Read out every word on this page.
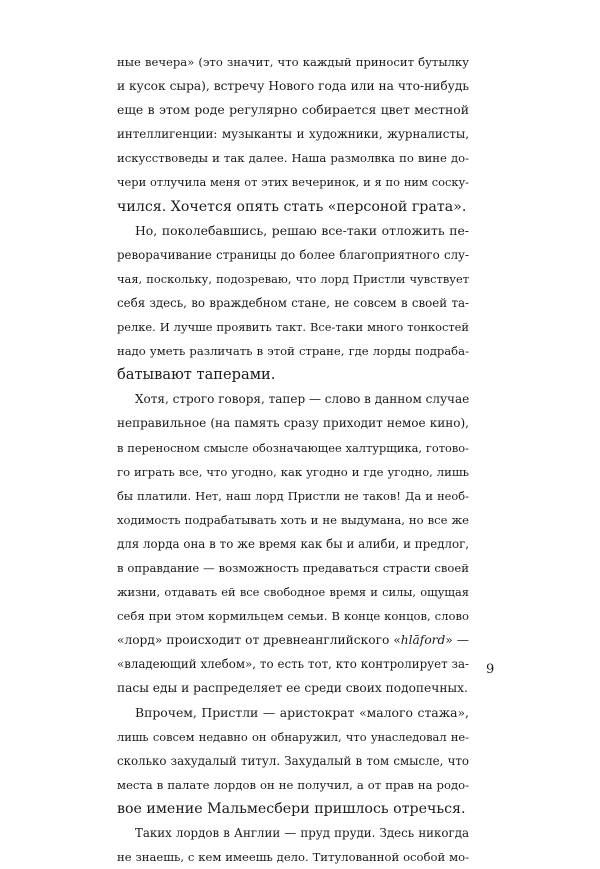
ные вечера» (это значит, что каждый приносит бутылку
и кусок сыра), встречу Нового года или на что-нибудь
еще в этом роде регулярно собирается цвет местной
интеллигенции: музыканты и художники, журналисты,
искусствоведы и так далее. Наша размолвка по вине до-
чери отлучила меня от этих вечеринок, и я по ним соску-
чился. Хочется опять стать «персоной грата».
Но, поколебавшись, решаю все-таки отложить пе-
реворачивание страницы до более благоприятного слу-
чая, поскольку, подозреваю, что лорд Пристли чувствует
себя здесь, во враждебном стане, не совсем в своей та-
релке. И лучше проявить такт. Все-таки много тонкостей
надо уметь различать в этой стране, где лорды подраба-
батывают таперами.
Хотя, строго говоря, тапер — слово в данном случае
неправильное (на память сразу приходит немое кино),
в переносном смысле обозначающее халтурщика, готово-
го играть все, что угодно, как угодно и где угодно, лишь
бы платили. Нет, наш лорд Пристли не таков! Да и необ-
ходимость подрабатывать хоть и не выдумана, но все же
для лорда она в то же время как бы и алиби, и предлог,
в оправдание — возможность предаваться страсти своей
жизни, отдавать ей все свободное время и силы, ощущая
себя при этом кормильцем семьи. В конце концов, слово
«лорд» происходит от древнеанглийского «hlāford» —
«владеющий хлебом», то есть тот, кто контролирует за-
пасы еды и распределяет ее среди своих подопечных.
Впрочем, Пристли — аристократ «малого стажа»,
лишь совсем недавно он обнаружил, что унаследовал не-
сколько захудалый титул. Захудалый в том смысле, что
места в палате лордов он не получил, а от прав на родо-
вое имение Мальмесбери пришлось отречься.
Таких лордов в Англии — пруд пруди. Здесь никогда
не знаешь, с кем имеешь дело. Титулованной особой мо-
9
